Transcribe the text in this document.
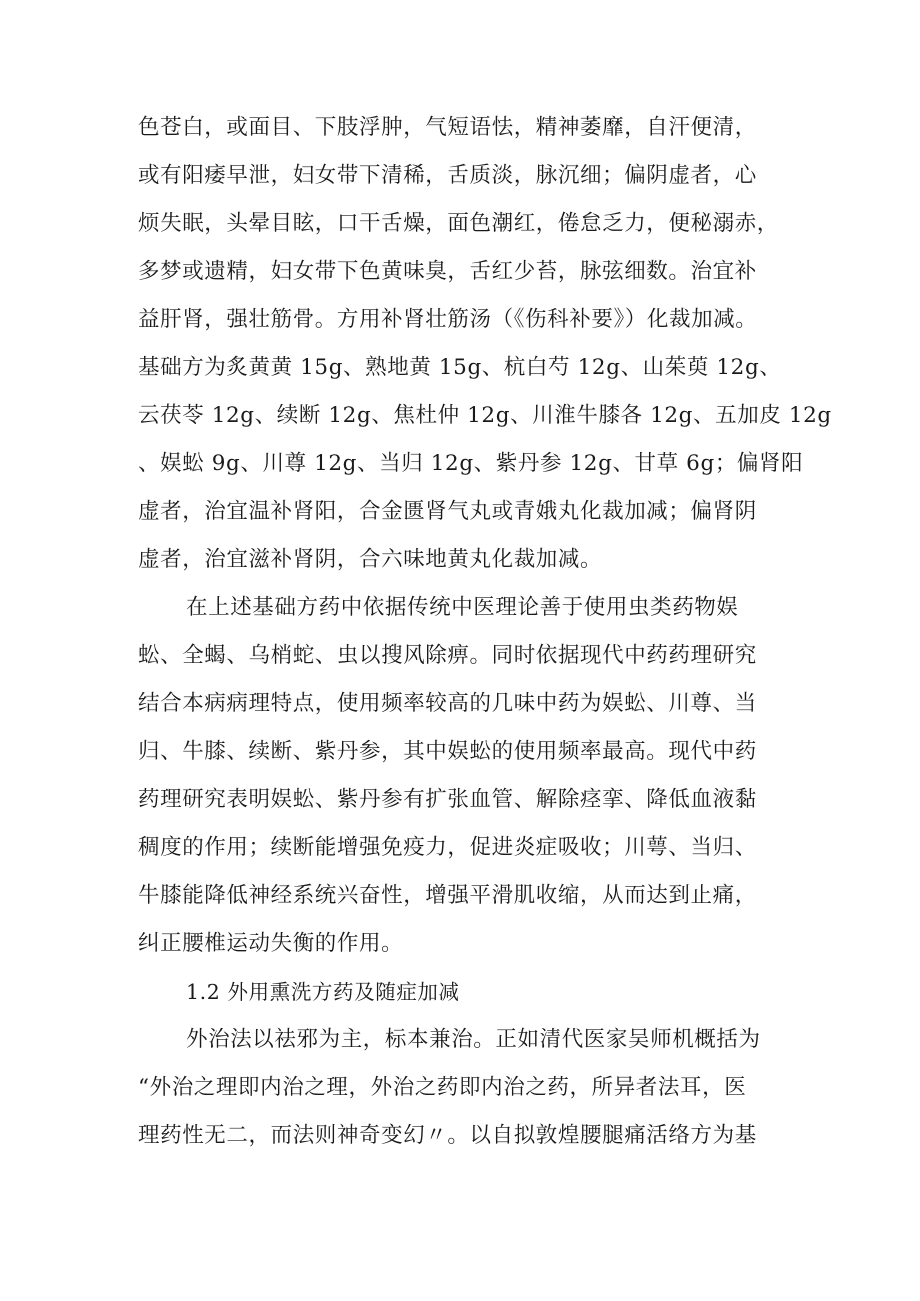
色苍白，或面目、下肢浮肿，气短语怯，精神萎靡，自汗便清，
或有阳痿早泄，妇女带下清稀，舌质淡，脉沉细；偏阴虚者，心
烦失眠，头晕目眩，口干舌燥，面色潮红，倦怠乏力，便秘溺赤，
多梦或遗精，妇女带下色黄味臭，舌红少苔，脉弦细数。治宜补
益肝肾，强壮筋骨。方用补肾壮筋汤（《伤科补要》）化裁加减。
基础方为炙黄黄 15g、熟地黄 15g、杭白芍 12g、山茱萸 12g、
云茯苓 12g、续断 12g、焦杜仲 12g、川淮牛膝各 12g、五加皮 12g
、娱蚣 9g、川尊 12g、当归 12g、紫丹参 12g、甘草 6g；偏肾阳
虚者，治宜温补肾阳，合金匮肾气丸或青娥丸化裁加减；偏肾阴
虚者，治宜滋补肾阴，合六味地黄丸化裁加减。
在上述基础方药中依据传统中医理论善于使用虫类药物娱
蚣、全蝎、乌梢蛇、虫以搜风除痹。同时依据现代中药药理研究
结合本病病理特点，使用频率较高的几味中药为娱蚣、川尊、当
归、牛膝、续断、紫丹参，其中娱蚣的使用频率最高。现代中药
药理研究表明娱蚣、紫丹参有扩张血管、解除痉挛、降低血液黏
稠度的作用；续断能增强免疫力，促进炎症吸收；川萼、当归、
牛膝能降低神经系统兴奋性，增强平滑肌收缩，从而达到止痛，
纠正腰椎运动失衡的作用。
1.2 外用熏洗方药及随症加减
外治法以祛邪为主，标本兼治。正如清代医家吴师机概括为
“外治之理即内治之理，外治之药即内治之药，所异者法耳，医
理药性无二，而法则神奇变幻〃。以自拟敦煌腰腿痛活络方为基
